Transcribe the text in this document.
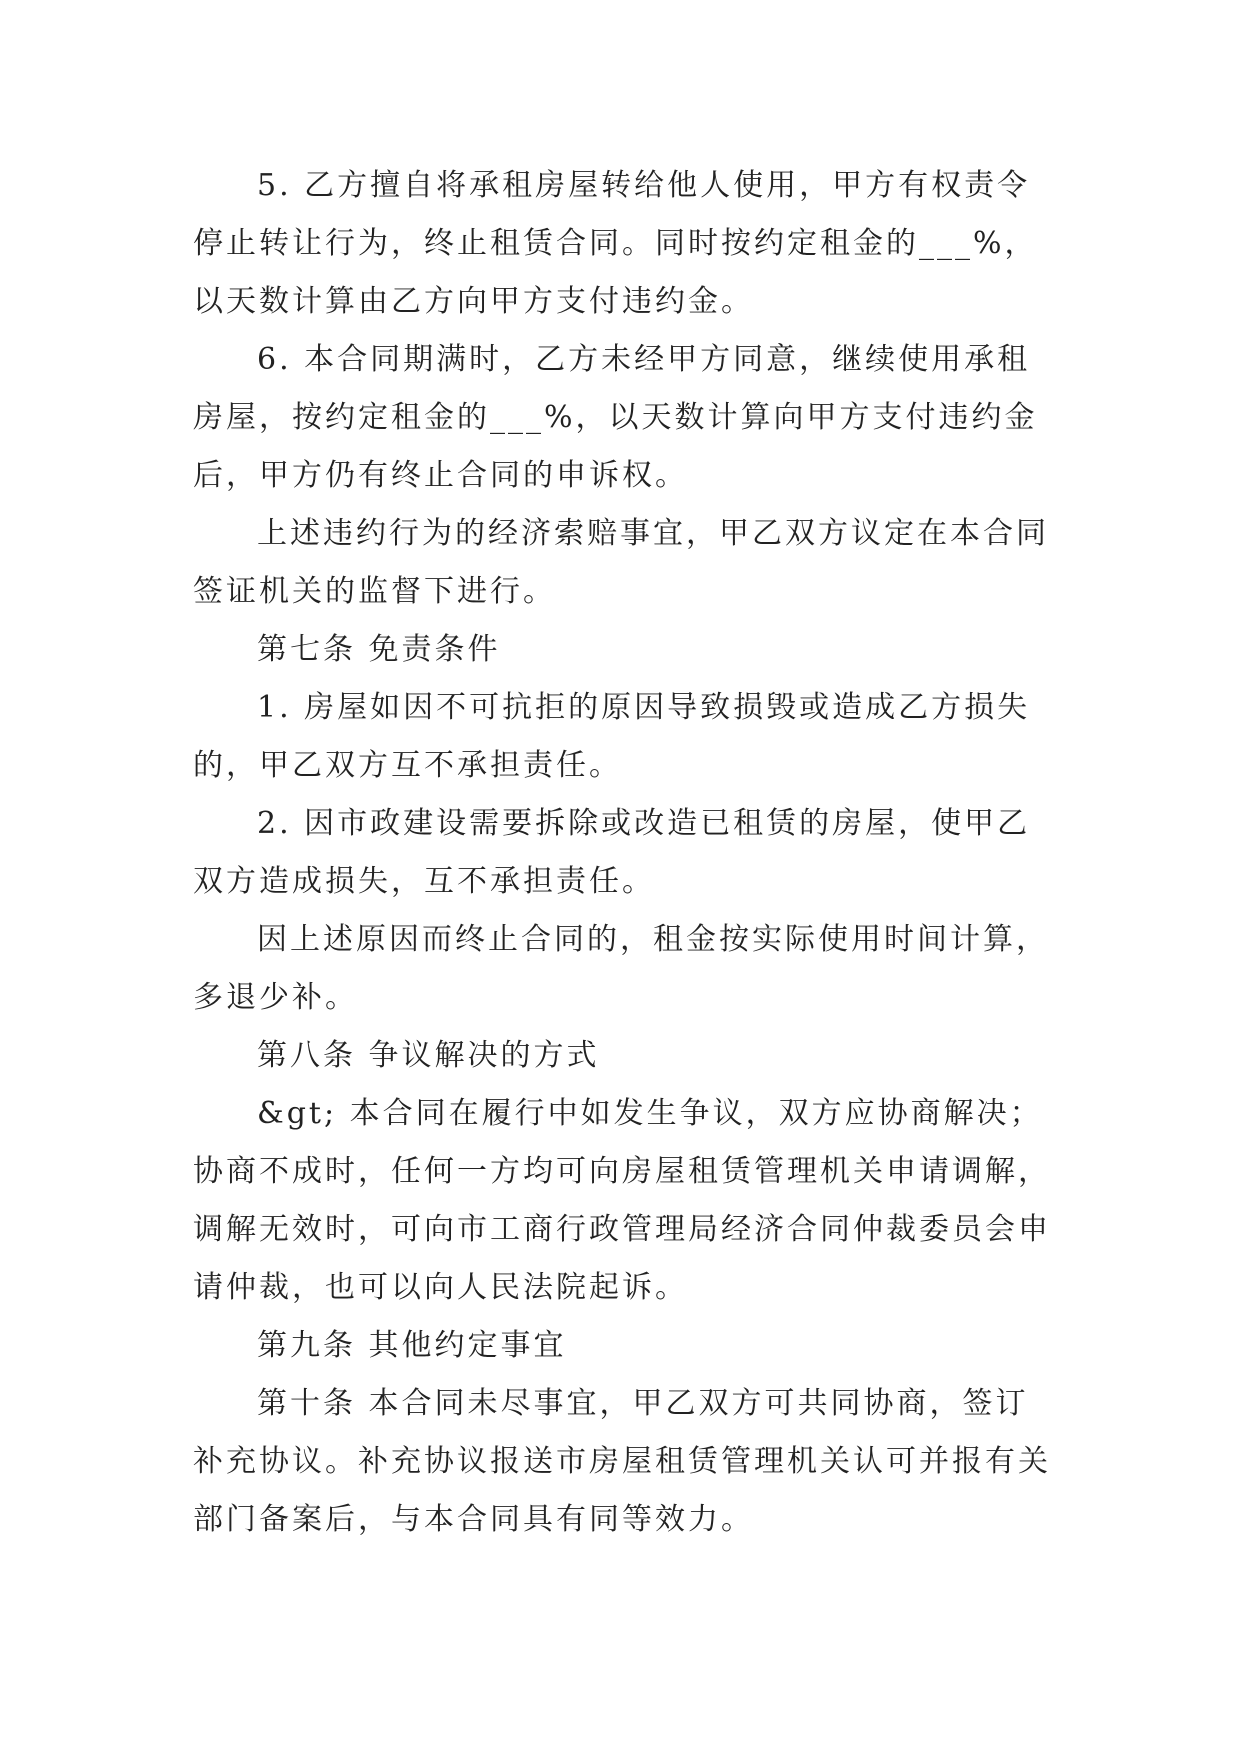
5. 乙方擅自将承租房屋转给他人使用，甲方有权责令停止转让行为，终止租赁合同。同时按约定租金的___%，以天数计算由乙方向甲方支付违约金。

6. 本合同期满时，乙方未经甲方同意，继续使用承租房屋，按约定租金的___%，以天数计算向甲方支付违约金后，甲方仍有终止合同的申诉权。

上述违约行为的经济索赔事宜，甲乙双方议定在本合同签证机关的监督下进行。

第七条 免责条件

1. 房屋如因不可抗拒的原因导致损毁或造成乙方损失的，甲乙双方互不承担责任。

2. 因市政建设需要拆除或改造已租赁的房屋，使甲乙双方造成损失，互不承担责任。

因上述原因而终止合同的，租金按实际使用时间计算，多退少补。

第八条 争议解决的方式

&gt; 本合同在履行中如发生争议，双方应协商解决；协商不成时，任何一方均可向房屋租赁管理机关申请调解，调解无效时，可向市工商行政管理局经济合同仲裁委员会申请仲裁，也可以向人民法院起诉。

第九条 其他约定事宜

第十条 本合同未尽事宜，甲乙双方可共同协商，签订补充协议。补充协议报送市房屋租赁管理机关认可并报有关部门备案后，与本合同具有同等效力。
